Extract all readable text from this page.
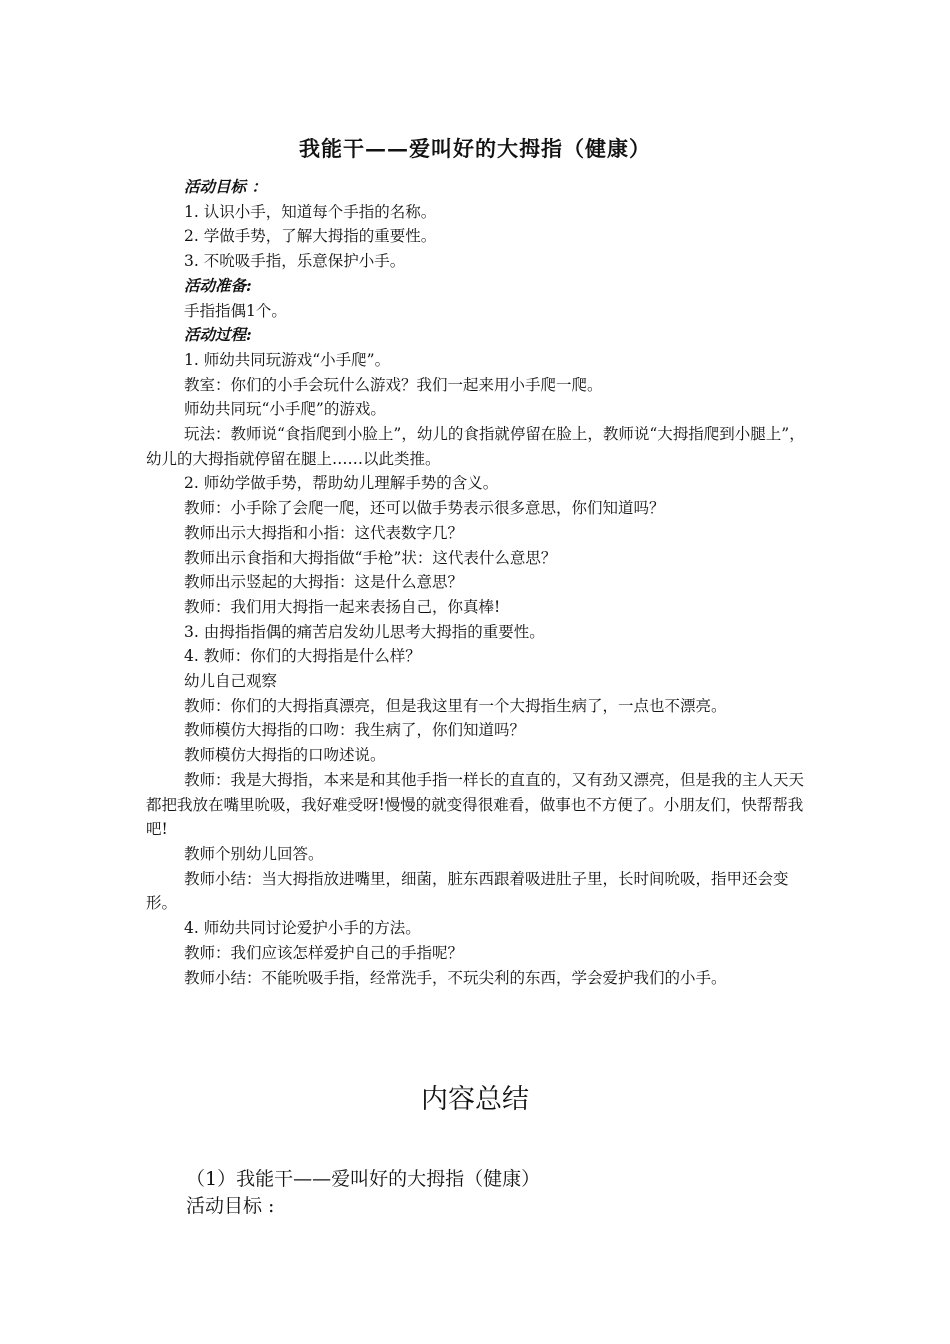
我能干——爱叫好的大拇指（健康）

活动目标 ：

1. 认识小手，知道每个手指的名称。

2. 学做手势，了解大拇指的重要性。

3. 不吮吸手指，乐意保护小手。

活动准备:

手指指偶1个。

活动过程:

1. 师幼共同玩游戏“小手爬”。

教室：你们的小手会玩什么游戏？我们一起来用小手爬一爬。

师幼共同玩“小手爬”的游戏。

玩法：教师说“食指爬到小脸上”，幼儿的食指就停留在脸上，教师说“大拇指爬到小腿上”，幼儿的大拇指就停留在腿上……以此类推。

2. 师幼学做手势，帮助幼儿理解手势的含义。

教师：小手除了会爬一爬，还可以做手势表示很多意思，你们知道吗？

教师出示大拇指和小指：这代表数字几？

教师出示食指和大拇指做“手枪”状：这代表什么意思？

教师出示竖起的大拇指：这是什么意思？

教师：我们用大拇指一起来表扬自己，你真棒!

3. 由拇指指偶的痛苦启发幼儿思考大拇指的重要性。

4. 教师：你们的大拇指是什么样？

幼儿自己观察

教师：你们的大拇指真漂亮，但是我这里有一个大拇指生病了，一点也不漂亮。

教师模仿大拇指的口吻：我生病了，你们知道吗？

教师模仿大拇指的口吻述说。

教师：我是大拇指，本来是和其他手指一样长的直直的，又有劲又漂亮，但是我的主人天天都把我放在嘴里吮吸，我好难受呀!慢慢的就变得很难看，做事也不方便了。小朋友们，快帮帮我吧!

教师个别幼儿回答。

教师小结：当大拇指放进嘴里，细菌，脏东西跟着吸进肚子里，长时间吮吸，指甲还会变形。

4. 师幼共同讨论爱护小手的方法。

教师：我们应该怎样爱护自己的手指呢？

教师小结：不能吮吸手指，经常洗手，不玩尖利的东西，学会爱护我们的小手。

内容总结
（1）我能干——爱叫好的大拇指（健康）
活动目标 :
